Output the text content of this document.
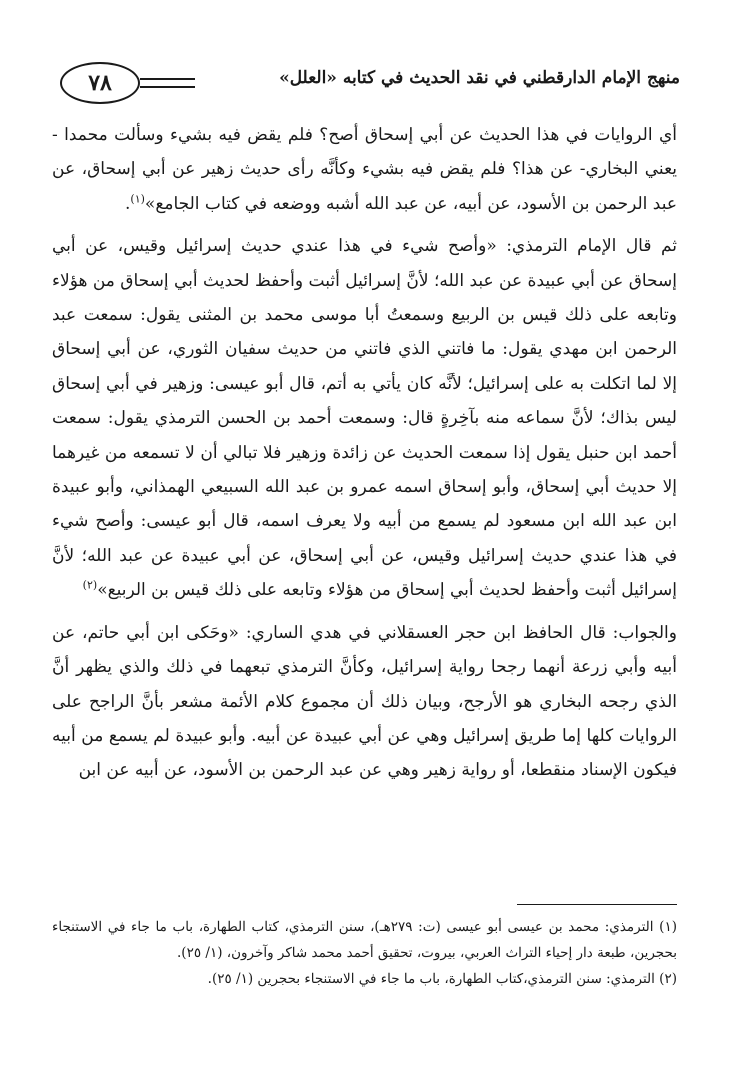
٧٨	منهج الإمام الدارقطني في نقد الحديث في كتابه «العلل»

أي الروايات في هذا الحديث عن أبي إسحاق أصح؟ فلم يقض فيه بشيء وسألت محمدا - يعني البخاري- عن هذا؟ فلم يقض فيه بشيء وكأنَّه رأى حديث زهير عن أبي إسحاق، عن عبد الرحمن بن الأسود، عن أبيه، عن عبد الله أشبه ووضعه في كتاب الجامع»$^{(١)}$.

ثم قال الإمام الترمذي: «وأصح شيء في هذا عندي حديث إسرائيل وقيس، عن أبي إسحاق عن أبي عبيدة عن عبد الله؛ لأنَّ إسرائيل أثبت وأحفظ لحديث أبي إسحاق من هؤلاء وتابعه على ذلك قيس بن الربيع وسمعتُ أبا موسى محمد بن المثنى يقول: سمعت عبد الرحمن ابن مهدي يقول: ما فاتني الذي فاتني من حديث سفيان الثوري، عن أبي إسحاق إلا لما اتكلت به على إسرائيل؛ لأنَّه كان يأتي به أتم، قال أبو عيسى: وزهير في أبي إسحاق ليس بذاك؛ لأنَّ سماعه منه بآخِرةٍ قال: وسمعت أحمد بن الحسن الترمذي يقول: سمعت أحمد ابن حنبل يقول إذا سمعت الحديث عن زائدة وزهير فلا تبالي أن لا تسمعه من غيرهما إلا حديث أبي إسحاق، وأبو إسحاق اسمه عمرو بن عبد الله السبيعي الهمذاني، وأبو عبيدة ابن عبد الله ابن مسعود لم يسمع من أبيه ولا يعرف اسمه، قال أبو عيسى: وأصح شيء في هذا عندي حديث إسرائيل وقيس، عن أبي إسحاق، عن أبي عبيدة عن عبد الله؛ لأنَّ إسرائيل أثبت وأحفظ لحديث أبي إسحاق من هؤلاء وتابعه على ذلك قيس بن الربيع»$^{(٢)}$

والجواب: قال الحافظ ابن حجر العسقلاني في هدي الساري: «وحَكى ابن أبي حاتم، عن أبيه وأبي زرعة أنهما رجحا رواية إسرائيل، وكأنَّ الترمذي تبعهما في ذلك والذي يظهر أنَّ الذي رجحه البخاري هو الأرجح، وبيان ذلك أن مجموع كلام الأئمة مشعر بأنَّ الراجح على الروايات كلها إما طريق إسرائيل وهي عن أبي عبيدة عن أبيه. وأبو عبيدة لم يسمع من أبيه فيكون الإسناد منقطعا، أو رواية زهير وهي عن عبد الرحمن بن الأسود، عن أبيه عن ابن

(١) الترمذي: محمد بن عيسى أبو عيسى (ت: ٢٧٩هـ)، سنن الترمذي، كتاب الطهارة، باب ما جاء في الاستنجاء بحجرين، طبعة دار إحياء التراث العربي، بيروت، تحقيق أحمد محمد شاكر وآخرون، (١/ ٢٥).

(٢) الترمذي: سنن الترمذي،كتاب الطهارة، باب ما جاء في الاستنجاء بحجرين (١/ ٢٥).
